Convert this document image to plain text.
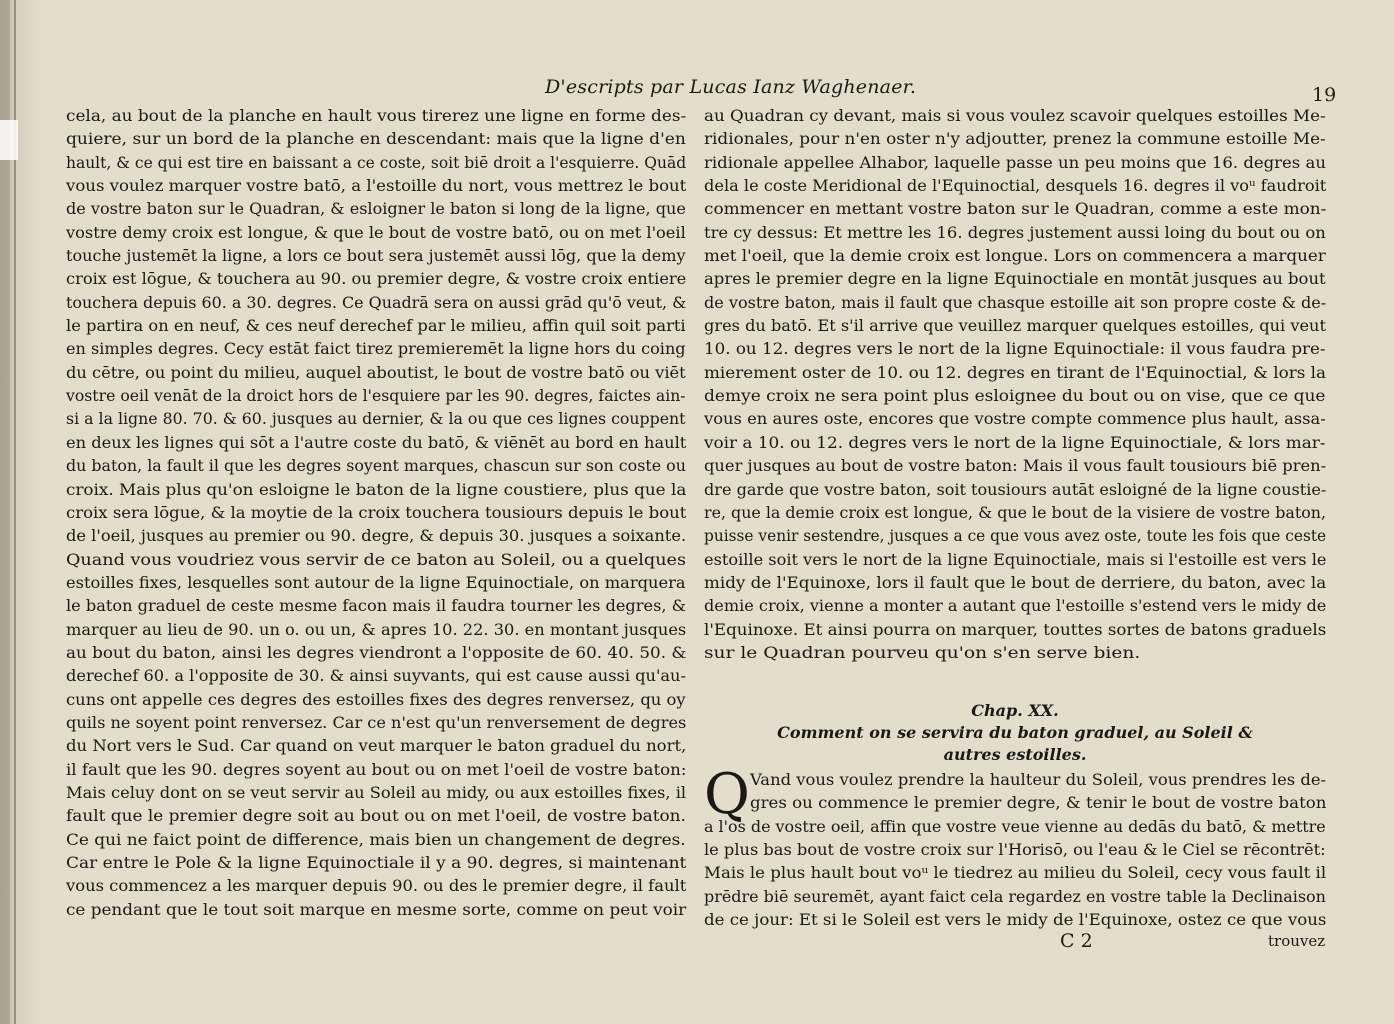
D'escripts par Lucas Ianz Waghenaer.	19
cela, au bout de la planche en hault vous tirerez une ligne en forme des-
quiere, sur un bord de la planche en descendant: mais que la ligne d'en
hault, & ce qui est tire en baissant a ce coste, soit biē droit a l'esquierre. Quād
vous voulez marquer vostre batō, a l'estoille du nort, vous mettrez le bout
de vostre baton sur le Quadran, & esloigner le baton si long de la ligne, que
vostre demy croix est longue, & que le bout de vostre batō, ou on met l'oeil
touche justemēt la ligne, a lors ce bout sera justemēt aussi lōg, que la demy
croix est lōgue, & touchera au 90. ou premier degre, & vostre croix entiere
touchera depuis 60. a 30. degres. Ce Quadrā sera on aussi grād qu'ō veut, &
le partira on en neuf, & ces neuf derechef par le milieu, affin quil soit parti
en simples degres. Cecy estāt faict tirez premieremēt la ligne hors du coing
du cētre, ou point du milieu, auquel aboutist, le bout de vostre batō ou viēt
vostre oeil venāt de la droict hors de l'esquiere par les 90. degres, faictes ain-
si a la ligne 80. 70. & 60. jusques au dernier, & la ou que ces lignes couppent
en deux les lignes qui sōt a l'autre coste du batō, & viēnēt au bord en hault
du baton, la fault il que les degres soyent marques, chascun sur son coste ou
croix. Mais plus qu'on esloigne le baton de la ligne coustiere, plus que la
croix sera lōgue, & la moytie de la croix touchera tousiours depuis le bout
de l'oeil, jusques au premier ou 90. degre, & depuis 30. jusques a soixante.
Quand vous voudriez vous servir de ce baton au Soleil, ou a quelques
estoilles fixes, lesquelles sont autour de la ligne Equinoctiale, on marquera
le baton graduel de ceste mesme facon mais il faudra tourner les degres, &
marquer au lieu de 90. un o. ou un, & apres 10. 22. 30. en montant jusques
au bout du baton, ainsi les degres viendront a l'opposite de 60. 40. 50. &
derechef 60. a l'opposite de 30. & ainsi suyvants, qui est cause aussi qu'au-
cuns ont appelle ces degres des estoilles fixes des degres renversez, qu oy
quils ne soyent point renversez. Car ce n'est qu'un renversement de degres
du Nort vers le Sud. Car quand on veut marquer le baton graduel du nort,
il fault que les 90. degres soyent au bout ou on met l'oeil de vostre baton:
Mais celuy dont on se veut servir au Soleil au midy, ou aux estoilles fixes, il
fault que le premier degre soit au bout ou on met l'oeil, de vostre baton.
Ce qui ne faict point de difference, mais bien un changement de degres.
Car entre le Pole & la ligne Equinoctiale il y a 90. degres, si maintenant
vous commencez a les marquer depuis 90. ou des le premier degre, il fault
ce pendant que le tout soit marque en mesme sorte, comme on peut voir
au Quadran cy devant, mais si vous voulez scavoir quelques estoilles Me-
ridionales, pour n'en oster n'y adjoutter, prenez la commune estoille Me-
ridionale appellee Alhabor, laquelle passe un peu moins que 16. degres au
dela le coste Meridional de l'Equinoctial, desquels 16. degres il voᵘ faudroit
commencer en mettant vostre baton sur le Quadran, comme a este mon-
tre cy dessus: Et mettre les 16. degres justement aussi loing du bout ou on
met l'oeil, que la demie croix est longue. Lors on commencera a marquer
apres le premier degre en la ligne Equinoctiale en montāt jusques au bout
de vostre baton, mais il fault que chasque estoille ait son propre coste & de-
gres du batō. Et s'il arrive que veuillez marquer quelques estoilles, qui veut
10. ou 12. degres vers le nort de la ligne Equinoctiale: il vous faudra pre-
mierement oster de 10. ou 12. degres en tirant de l'Equinoctial, & lors la
demye croix ne sera point plus esloignee du bout ou on vise, que ce que
vous en aures oste, encores que vostre compte commence plus hault, assa-
voir a 10. ou 12. degres vers le nort de la ligne Equinoctiale, & lors mar-
quer jusques au bout de vostre baton: Mais il vous fault tousiours biē pren-
dre garde que vostre baton, soit tousiours autāt esloigné de la ligne coustie-
re, que la demie croix est longue, & que le bout de la visiere de vostre baton,
puisse venir sestendre, jusques a ce que vous avez oste, toute les fois que ceste
estoille soit vers le nort de la ligne Equinoctiale, mais si l'estoille est vers le
midy de l'Equinoxe, lors il fault que le bout de derriere, du baton, avec la
demie croix, vienne a monter a autant que l'estoille s'estend vers le midy de
l'Equinoxe. Et ainsi pourra on marquer, touttes sortes de batons graduels
sur le Quadran pourveu qu'on s'en serve bien.
Chap. XX.
Comment on se servira du baton graduel, au Soleil &
autres estoilles.
Q Vand vous voulez prendre la haulteur du Soleil, vous prendres les de-
gres ou commence le premier degre, & tenir le bout de vostre baton
a l'os de vostre oeil, affin que vostre veue vienne au dedās du batō, & mettre
le plus bas bout de vostre croix sur l'Horisō, ou l'eau & le Ciel se rēcontrēt:
Mais le plus hault bout voᵘ le tiedrez au milieu du Soleil, cecy vous fault il
prēdre biē seuremēt, ayant faict cela regardez en vostre table la Declinaison
de ce jour: Et si le Soleil est vers le midy de l'Equinoxe, ostez ce que vous
C 2	trouvez
